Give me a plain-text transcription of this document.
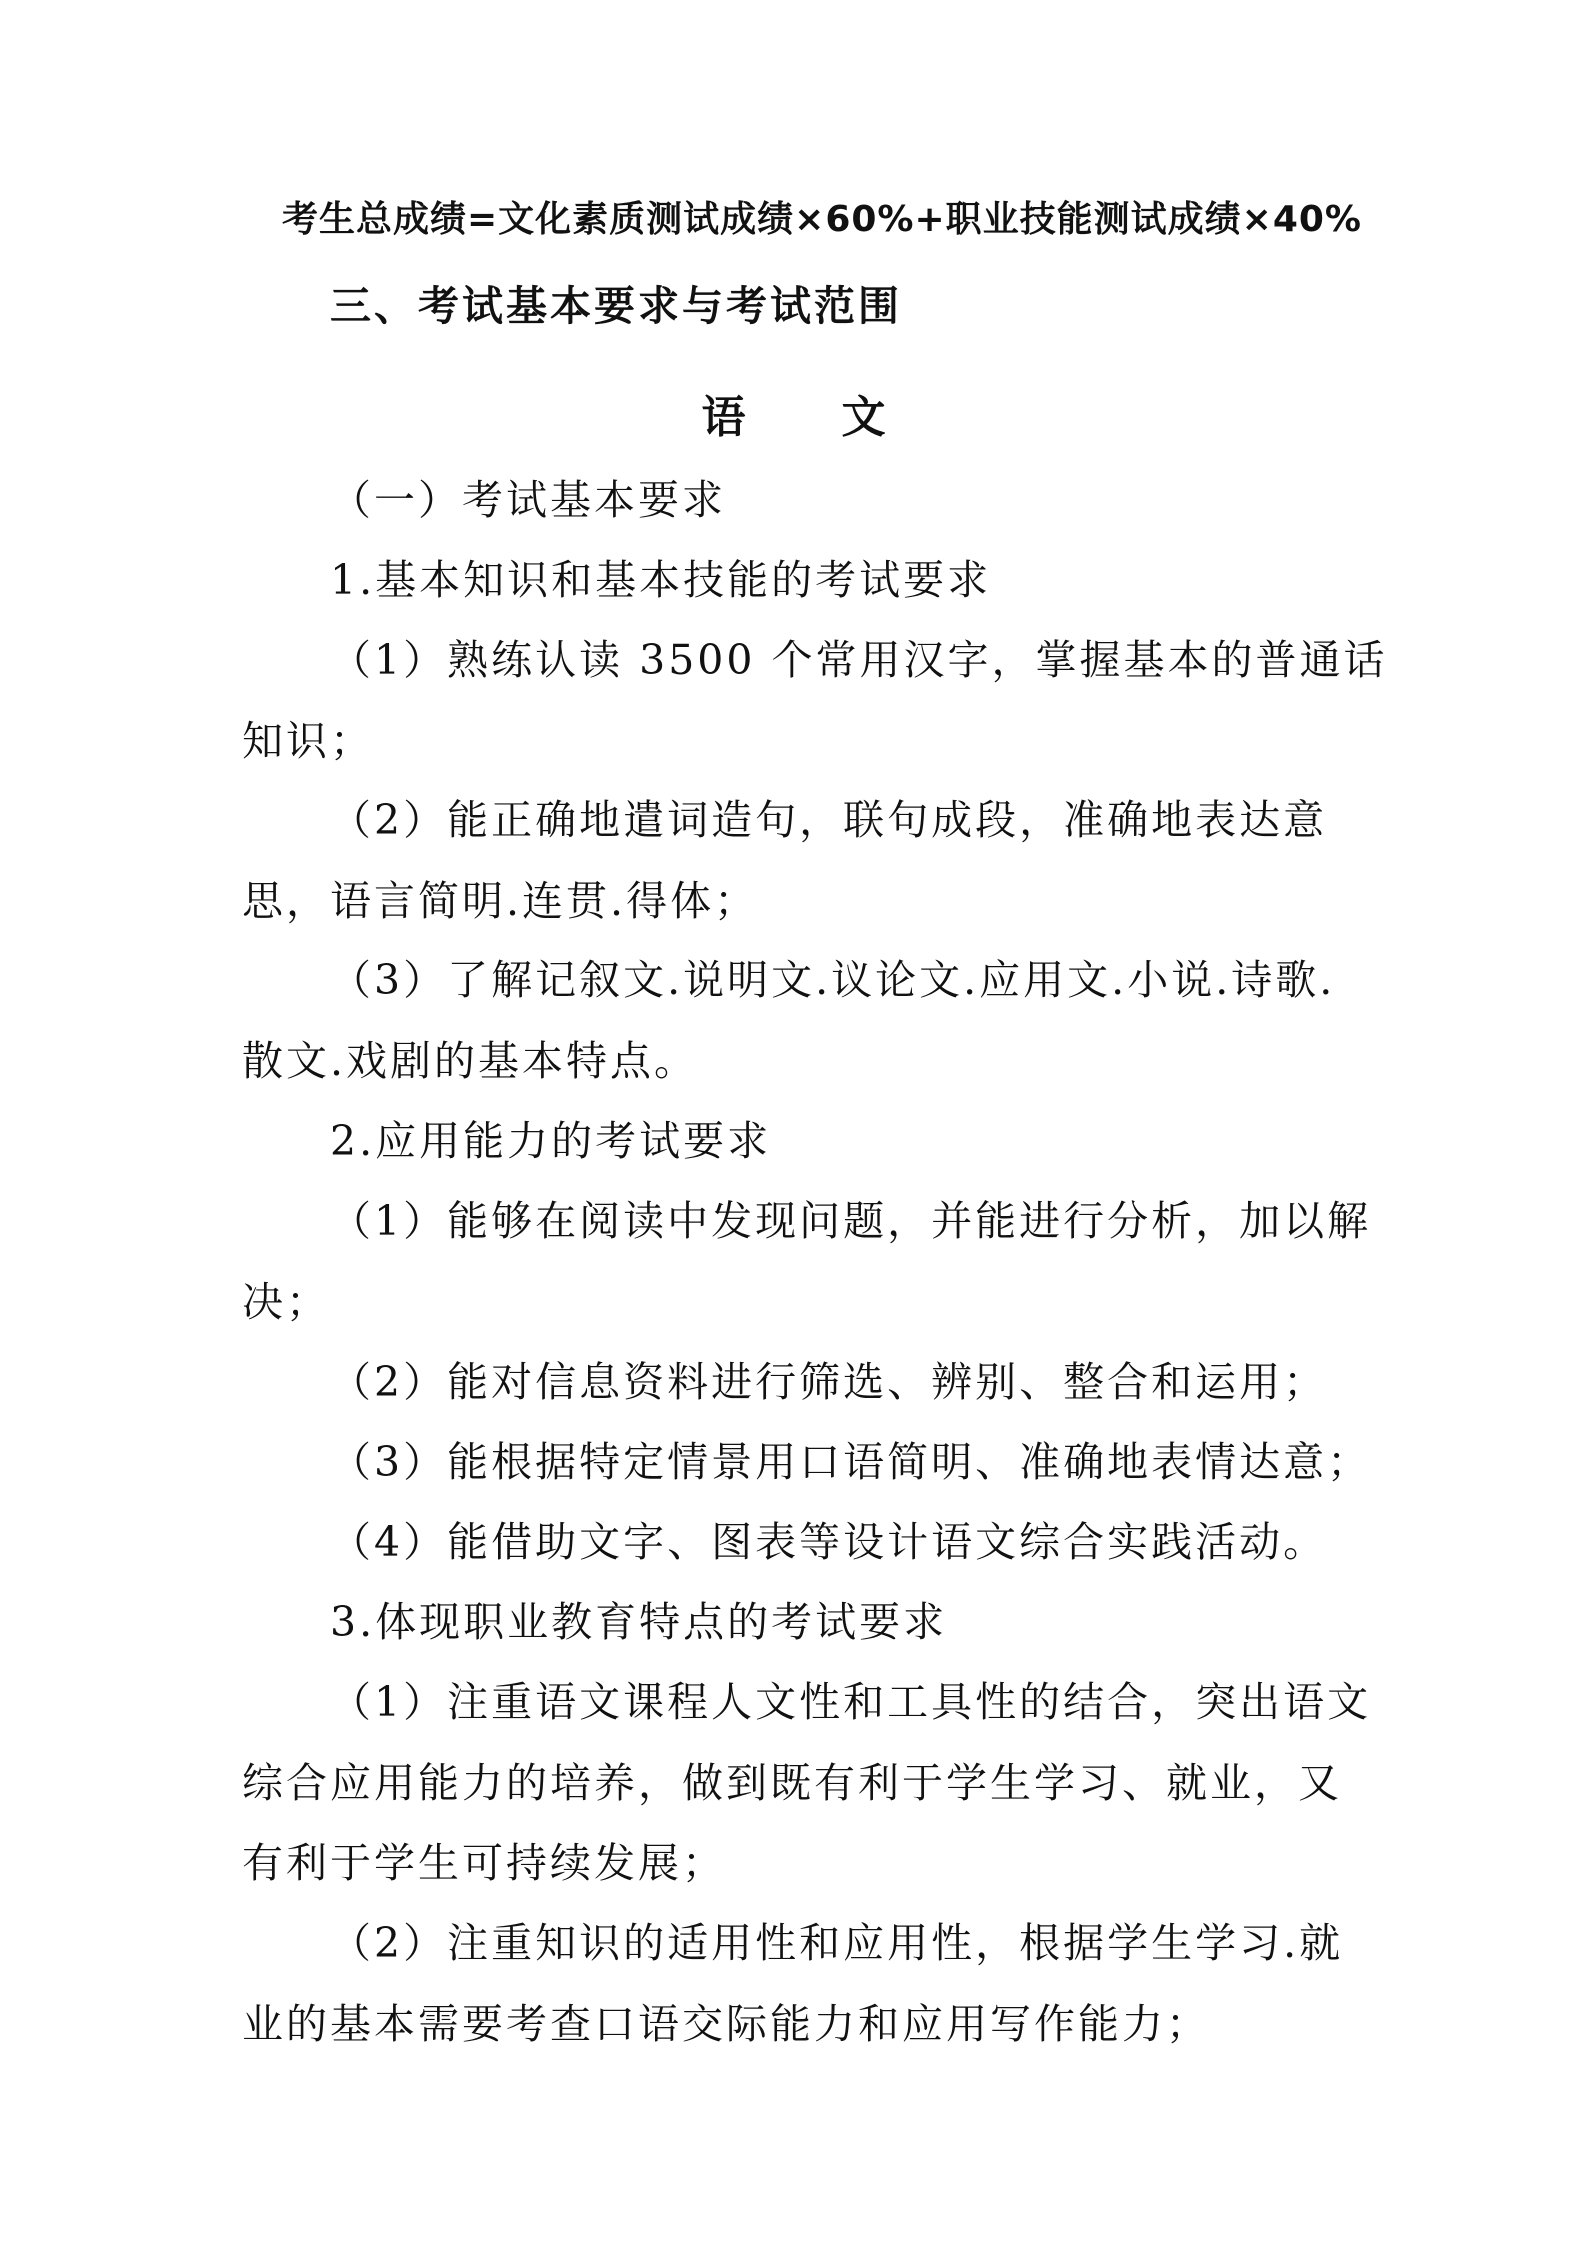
考生总成绩=文化素质测试成绩×60%+职业技能测试成绩×40%
三、考试基本要求与考试范围
语 文
（一）考试基本要求
1.基本知识和基本技能的考试要求
（1）熟练认读 3500 个常用汉字，掌握基本的普通话
知识；
（2）能正确地遣词造句，联句成段，准确地表达意
思，语言简明.连贯.得体；
（3）了解记叙文.说明文.议论文.应用文.小说.诗歌.
散文.戏剧的基本特点。
2.应用能力的考试要求
（1）能够在阅读中发现问题，并能进行分析，加以解
决；
（2）能对信息资料进行筛选、辨别、整合和运用；
（3）能根据特定情景用口语简明、准确地表情达意；
（4）能借助文字、图表等设计语文综合实践活动。
3.体现职业教育特点的考试要求
（1）注重语文课程人文性和工具性的结合，突出语文
综合应用能力的培养，做到既有利于学生学习、就业，又
有利于学生可持续发展；
（2）注重知识的适用性和应用性，根据学生学习.就
业的基本需要考查口语交际能力和应用写作能力；
